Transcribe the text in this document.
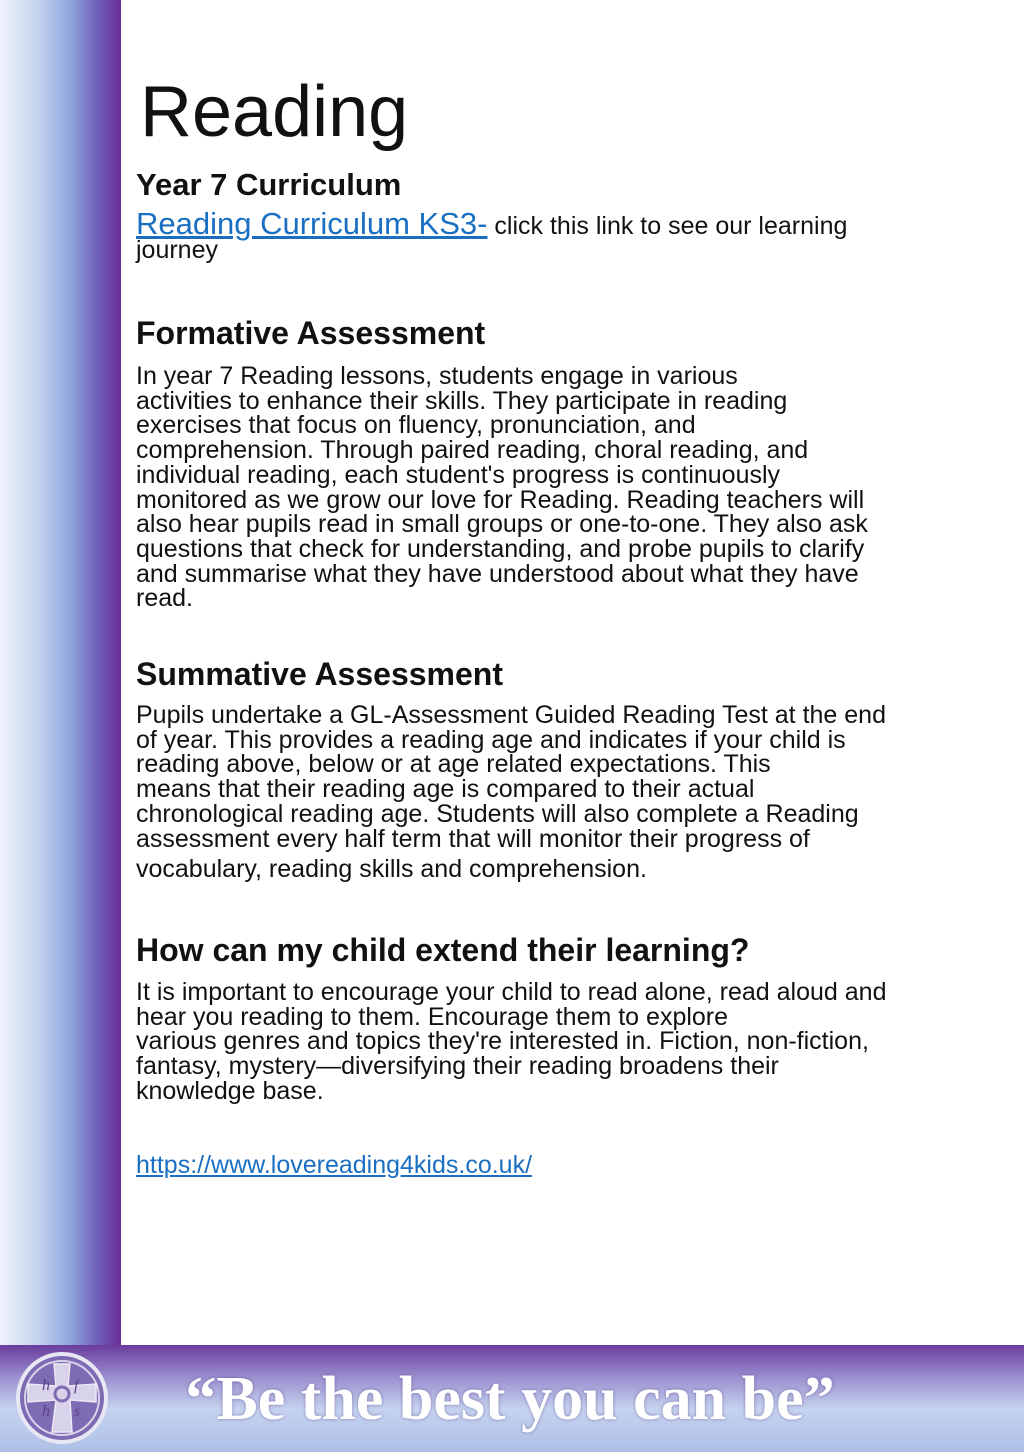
Reading
Year 7 Curriculum
Reading Curriculum KS3- click this link to see our learning
journey
Formative Assessment
In year 7 Reading lessons, students engage in various
activities to enhance their skills. They participate in reading
exercises that focus on fluency, pronunciation, and
comprehension. Through paired reading, choral reading, and
individual reading, each student's progress is continuously
monitored as we grow our love for Reading. Reading teachers will
also hear pupils read in small groups or one-to-one. They also ask
questions that check for understanding, and probe pupils to clarify
and summarise what they have understood about what they have
read.
Summative Assessment
Pupils undertake a GL-Assessment Guided Reading Test at the end
of year. This provides a reading age and indicates if your child is
reading above, below or at age related expectations. This
means that their reading age is compared to their actual
chronological reading age. Students will also complete a Reading
assessment every half term that will monitor their progress of
vocabulary, reading skills and comprehension.
How can my child extend their learning?
It is important to encourage your child to read alone, read aloud and
hear you reading to them. Encourage them to explore
various genres and topics they're interested in. Fiction, non-fiction,
fantasy, mystery—diversifying their reading broadens their
knowledge base.
https://www.lovereading4kids.co.uk/
h f
h s	“Be the best you can be”
